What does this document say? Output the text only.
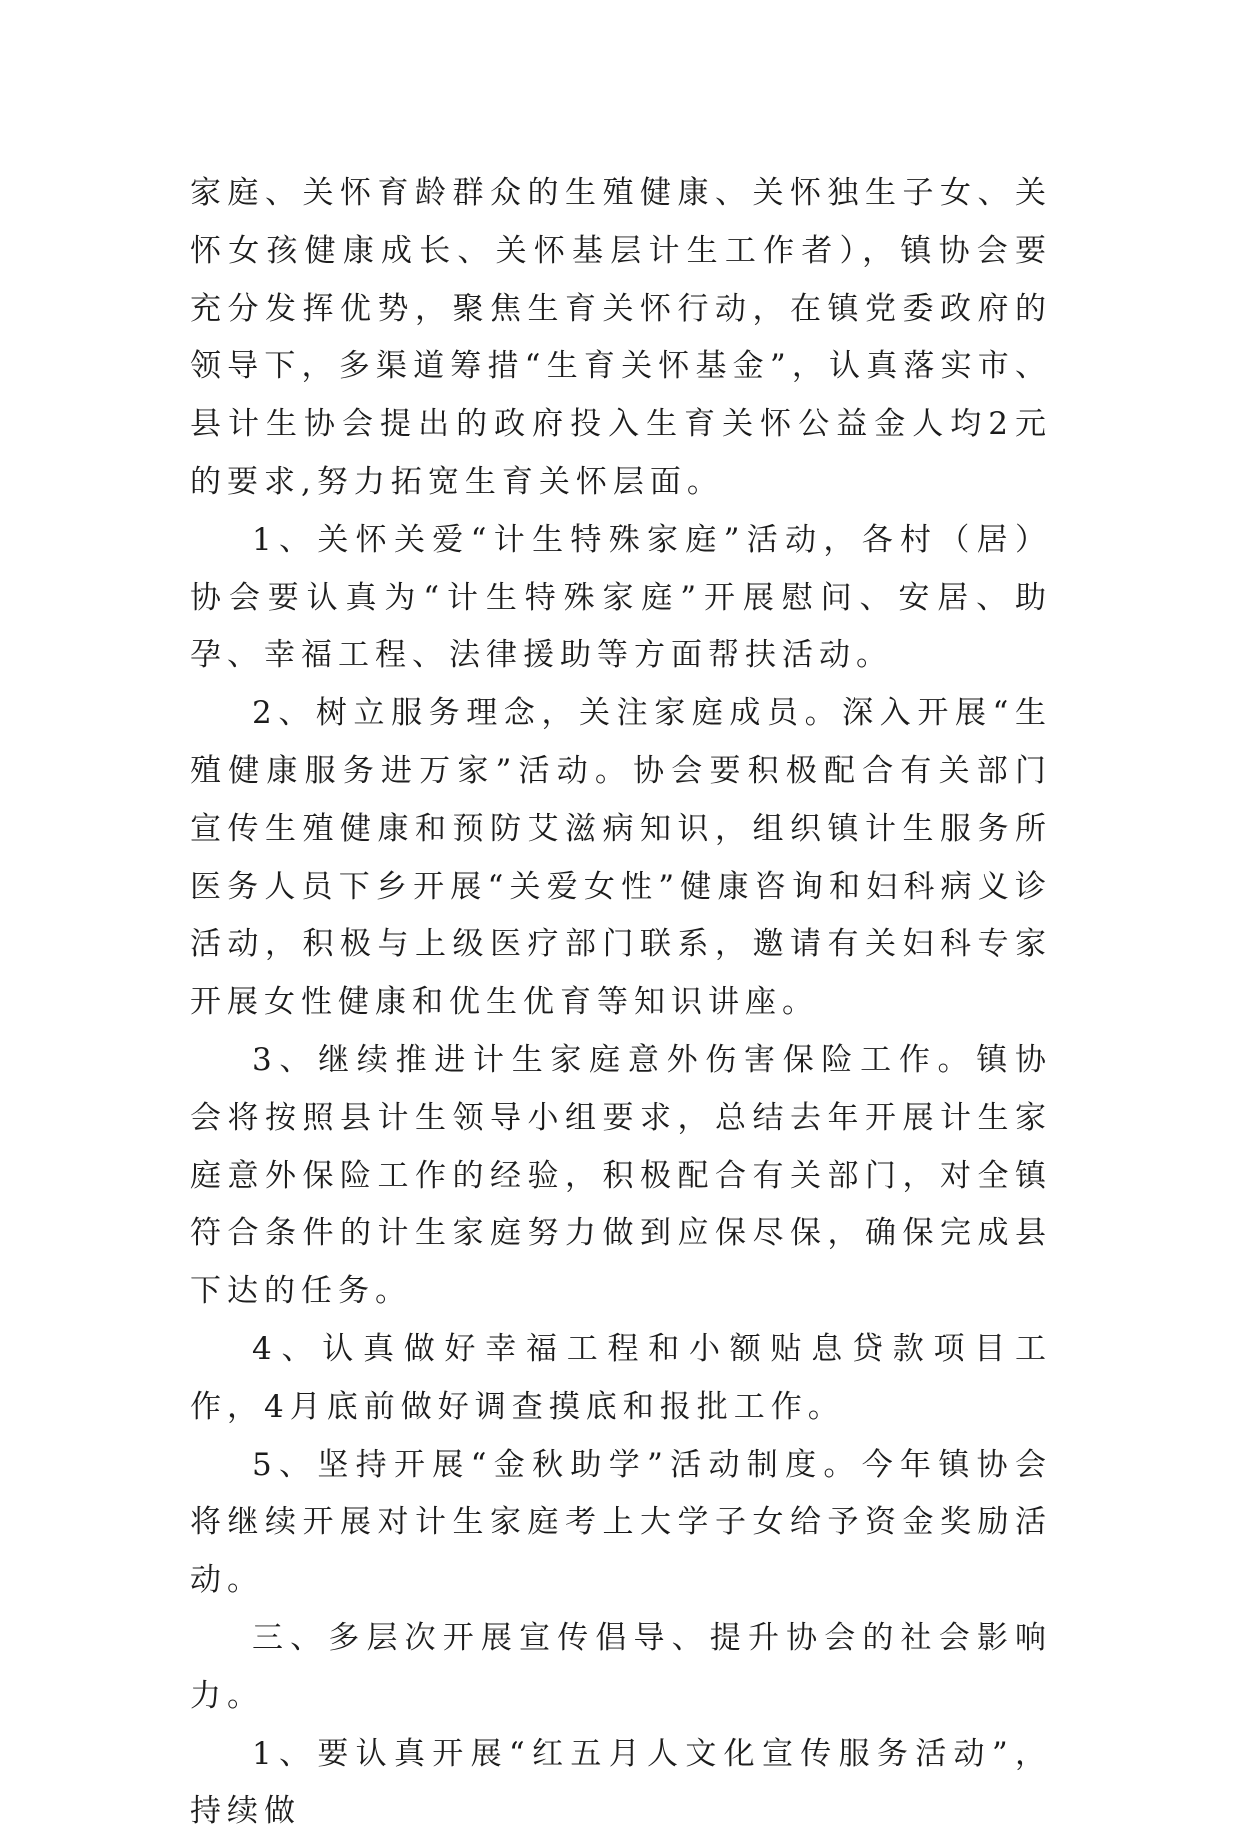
家庭、关怀育龄群众的生殖健康、关怀独生子女、关怀女孩健康成长、关怀基层计生工作者），镇协会要充分发挥优势，聚焦生育关怀行动，在镇党委政府的领导下，多渠道筹措“生育关怀基金”，认真落实市、县计生协会提出的政府投入生育关怀公益金人均2元的要求,努力拓宽生育关怀层面。

1、关怀关爱“计生特殊家庭”活动，各村（居）协会要认真为“计生特殊家庭”开展慰问、安居、助孕、幸福工程、法律援助等方面帮扶活动。

2、树立服务理念，关注家庭成员。深入开展“生殖健康服务进万家”活动。协会要积极配合有关部门宣传生殖健康和预防艾滋病知识，组织镇计生服务所医务人员下乡开展“关爱女性”健康咨询和妇科病义诊活动，积极与上级医疗部门联系，邀请有关妇科专家开展女性健康和优生优育等知识讲座。

3、继续推进计生家庭意外伤害保险工作。镇协会将按照县计生领导小组要求，总结去年开展计生家庭意外保险工作的经验，积极配合有关部门，对全镇符合条件的计生家庭努力做到应保尽保，确保完成县下达的任务。

4、认真做好幸福工程和小额贴息贷款项目工作，4月底前做好调查摸底和报批工作。

5、坚持开展“金秋助学”活动制度。今年镇协会将继续开展对计生家庭考上大学子女给予资金奖励活动。

三、多层次开展宣传倡导、提升协会的社会影响力。

1、要认真开展“红五月人文化宣传服务活动”，持续做
